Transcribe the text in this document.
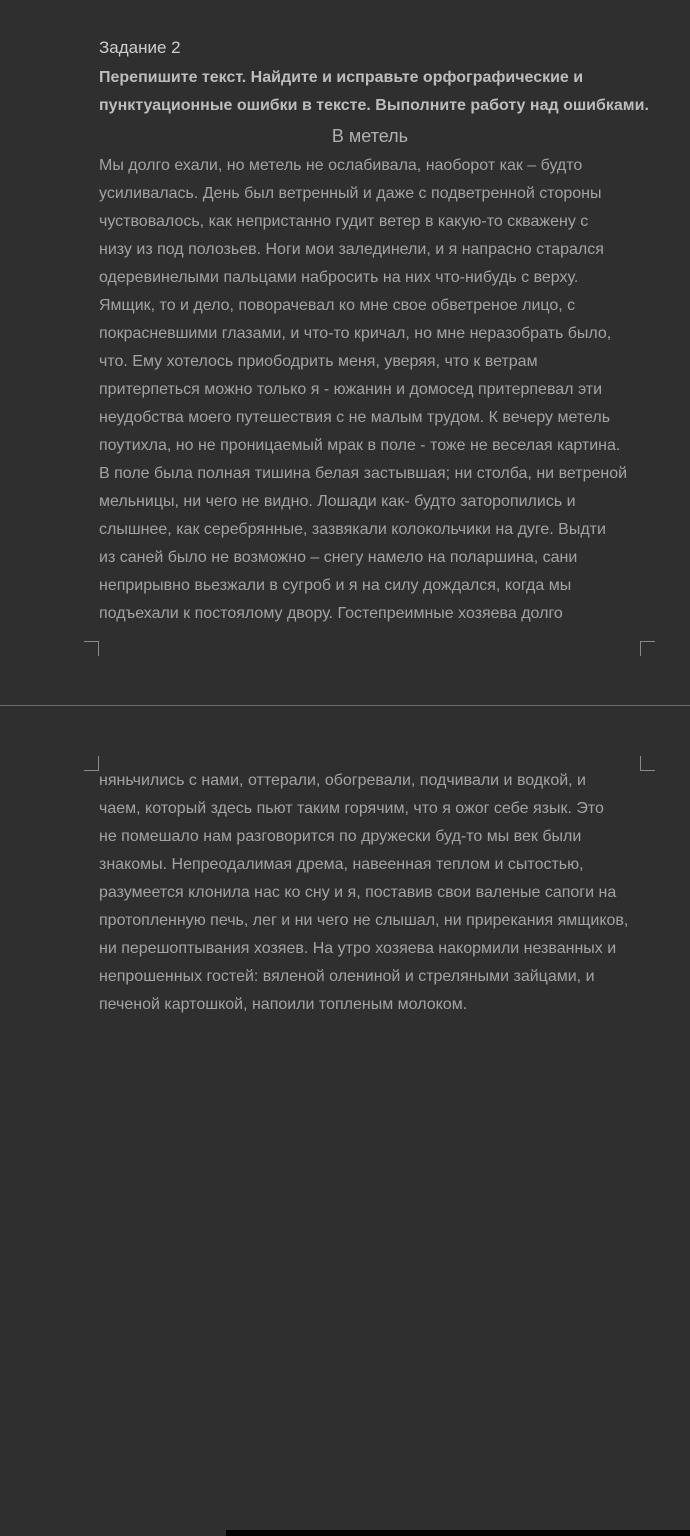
Задание 2
Перепишите текст. Найдите и исправьте орфографические и
пунктуационные ошибки в тексте. Выполните работу над ошибками.
В метель
Мы долго ехали, но метель не ослабивала, наоборот как – будто
усиливалась. День был ветренный и даже с подветренной стороны
чуствовалось, как непристанно гудит ветер в какую-то скважену с
низу из под полозьев. Ноги мои залединели, и я напрасно старался
одеревинелыми пальцами набросить на них что-нибудь с верху.
Ямщик, то и дело, поворачевал ко мне свое обветреное лицо, с
покрасневшими глазами, и что-то кричал, но мне неразобрать было,
что. Ему хотелось приободрить меня, уверяя, что к ветрам
притерпеться можно только я - южанин и домосед притерпевал эти
неудобства моего путешествия с не малым трудом. К вечеру метель
поутихла, но не проницаемый мрак в поле - тоже не веселая картина.
В поле была полная тишина белая застывшая; ни столба, ни ветреной
мельницы, ни чего не видно. Лошади как- будто заторопились и
слышнее, как серебрянные, зазвякали колокольчики на дуге. Выдти
из саней было не возможно – снегу намело на поларшина, сани
неприрывно вьезжали в сугроб и я на силу дождался, когда мы
подъехали к постоялому двору. Гостепреимные хозяева долго
няньчились с нами, оттерали, обогревали, подчивали и водкой, и
чаем, который здесь пьют таким горячим, что я ожог себе язык. Это
не помешало нам разговорится по дружески буд-то мы век были
знакомы. Непреодалимая дрема, навеенная теплом и сытостью,
разумеется клонила нас ко сну и я, поставив свои валеные сапоги на
протопленную печь, лег и ни чего не слышал, ни прирекания ямщиков,
ни перешоптывания хозяев. На утро хозяева накормили незванных и
непрошенных гостей: вяленой олениной и стреляными зайцами, и
печеной картошкой, напоили топленым молоком.
